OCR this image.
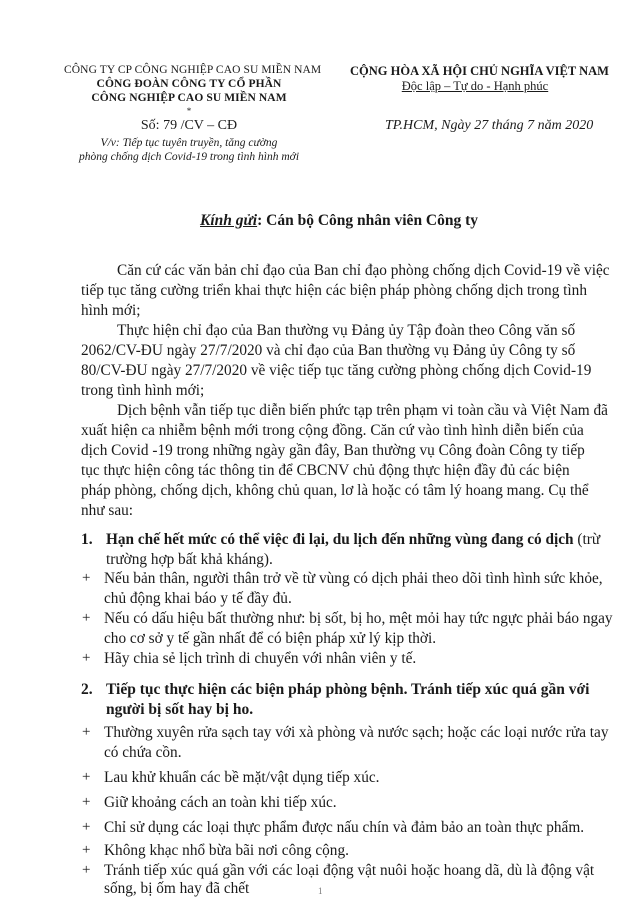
CÔNG TY CP CÔNG NGHIỆP CAO SU MIỀN NAM
CÔNG ĐOÀN CÔNG TY CỔ PHẦN
CÔNG NGHIỆP CAO SU MIỀN NAM
*
Số: 79 /CV – CĐ
V/v: Tiếp tục tuyên truyền, tăng cường
phòng chống dịch Covid-19 trong tình hình mới
CỘNG HÒA XÃ HỘI CHỦ NGHĨA VIỆT NAM
Độc lập – Tự do - Hạnh phúc
TP.HCM, Ngày 27 tháng 7 năm 2020
Kính gửi: Cán bộ Công nhân viên Công ty
Căn cứ các văn bản chỉ đạo của Ban chỉ đạo phòng chống dịch Covid-19 về việc
tiếp tục tăng cường triển khai thực hiện các biện pháp phòng chống dịch trong tình
hình mới;
Thực hiện chỉ đạo của Ban thường vụ Đảng ủy Tập đoàn theo Công văn số
2062/CV-ĐU ngày 27/7/2020 và chỉ đạo của Ban thường vụ Đảng ủy Công ty số
80/CV-ĐU ngày 27/7/2020 về việc tiếp tục tăng cường phòng chống dịch Covid-19
trong tình hình mới;
Dịch bệnh vẫn tiếp tục diễn biến phức tạp trên phạm vi toàn cầu và Việt Nam đã
xuất hiện ca nhiễm bệnh mới trong cộng đồng. Căn cứ vào tình hình diễn biến của
dịch Covid -19 trong những ngày gần đây, Ban thường vụ Công đoàn Công ty tiếp
tục thực hiện công tác thông tin để CBCNV chủ động thực hiện đầy đủ các biện
pháp phòng, chống dịch, không chủ quan, lơ là hoặc có tâm lý hoang mang. Cụ thể
như sau:
1. Hạn chế hết mức có thể việc đi lại, du lịch đến những vùng đang có dịch (trừ
trường hợp bất khả kháng).
+ Nếu bản thân, người thân trở về từ vùng có dịch phải theo dõi tình hình sức khỏe,
chủ động khai báo y tế đầy đủ.
+ Nếu có dấu hiệu bất thường như: bị sốt, bị ho, mệt mỏi hay tức ngực phải báo ngay
cho cơ sở y tế gần nhất để có biện pháp xử lý kịp thời.
+ Hãy chia sẻ lịch trình di chuyển với nhân viên y tế.
2. Tiếp tục thực hiện các biện pháp phòng bệnh. Tránh tiếp xúc quá gần với
người bị sốt hay bị ho.
+ Thường xuyên rửa sạch tay với xà phòng và nước sạch; hoặc các loại nước rửa tay
có chứa cồn.
+ Lau khử khuẩn các bề mặt/vật dụng tiếp xúc.
+ Giữ khoảng cách an toàn khi tiếp xúc.
+ Chỉ sử dụng các loại thực phẩm được nấu chín và đảm bảo an toàn thực phẩm.
+ Không khạc nhổ bừa bãi nơi công cộng.
+ Tránh tiếp xúc quá gần với các loại động vật nuôi hoặc hoang dã, dù là động vật
sống, bị ốm hay đã chết	1
